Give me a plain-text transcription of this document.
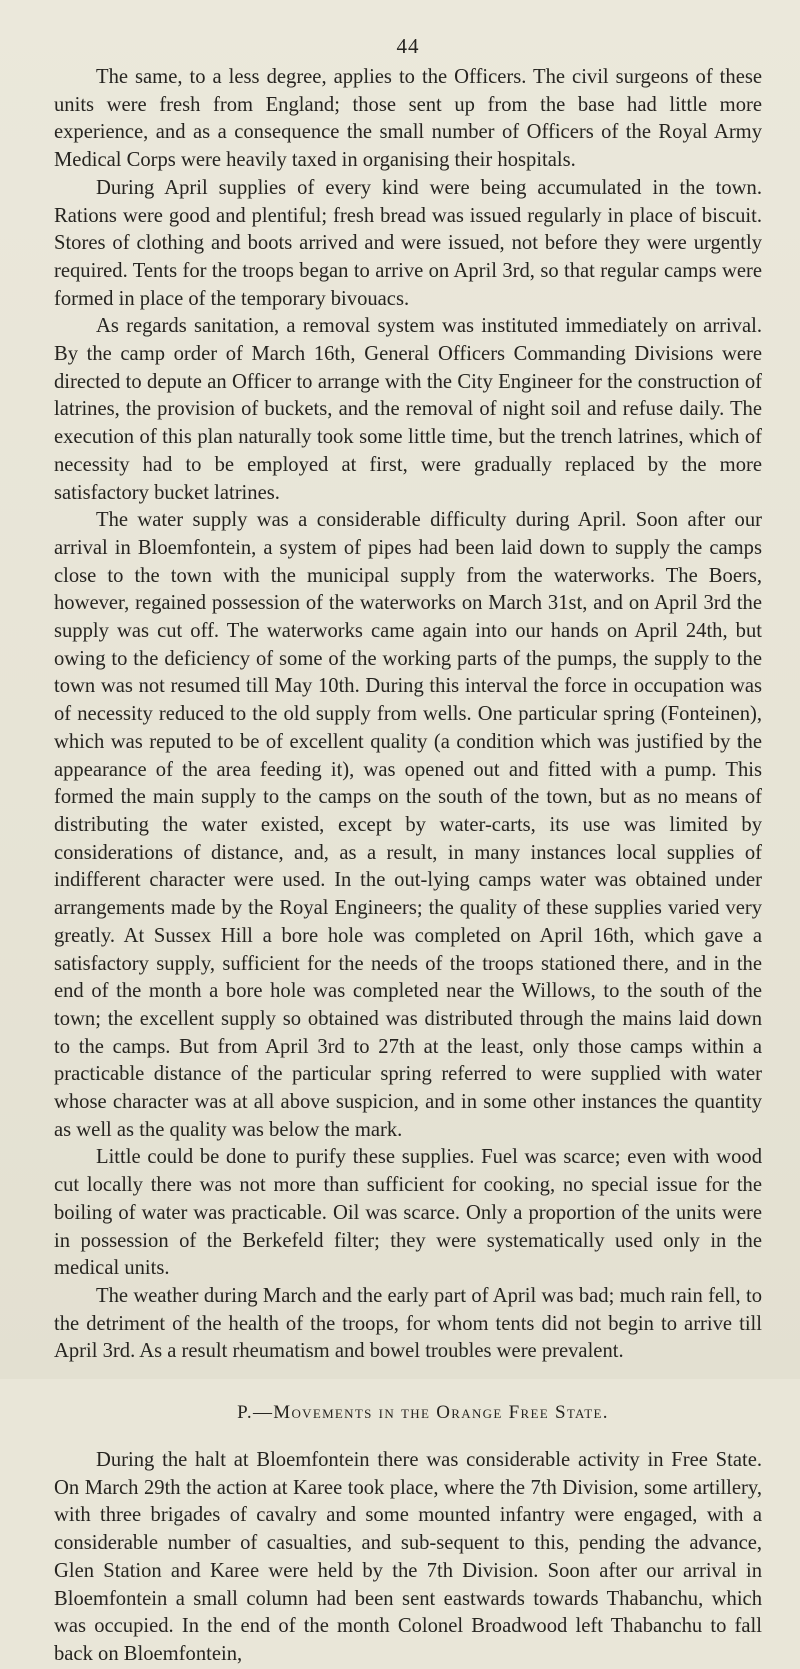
44

The same, to a less degree, applies to the Officers. The civil surgeons of these units were fresh from England; those sent up from the base had little more experience, and as a consequence the small number of Officers of the Royal Army Medical Corps were heavily taxed in organising their hospitals.

During April supplies of every kind were being accumulated in the town. Rations were good and plentiful; fresh bread was issued regularly in place of biscuit. Stores of clothing and boots arrived and were issued, not before they were urgently required. Tents for the troops began to arrive on April 3rd, so that regular camps were formed in place of the temporary bivouacs.

As regards sanitation, a removal system was instituted immediately on arrival. By the camp order of March 16th, General Officers Commanding Divisions were directed to depute an Officer to arrange with the City Engineer for the construction of latrines, the provision of buckets, and the removal of night soil and refuse daily. The execution of this plan naturally took some little time, but the trench latrines, which of necessity had to be employed at first, were gradually replaced by the more satisfactory bucket latrines.

The water supply was a considerable difficulty during April. Soon after our arrival in Bloemfontein, a system of pipes had been laid down to supply the camps close to the town with the municipal supply from the waterworks. The Boers, however, regained possession of the waterworks on March 31st, and on April 3rd the supply was cut off. The waterworks came again into our hands on April 24th, but owing to the deficiency of some of the working parts of the pumps, the supply to the town was not resumed till May 10th. During this interval the force in occupation was of necessity reduced to the old supply from wells. One particular spring (Fonteinen), which was reputed to be of excellent quality (a condition which was justified by the appearance of the area feeding it), was opened out and fitted with a pump. This formed the main supply to the camps on the south of the town, but as no means of distributing the water existed, except by water-carts, its use was limited by considerations of distance, and, as a result, in many instances local supplies of indifferent character were used. In the out-lying camps water was obtained under arrangements made by the Royal Engineers; the quality of these supplies varied very greatly. At Sussex Hill a bore hole was completed on April 16th, which gave a satisfactory supply, sufficient for the needs of the troops stationed there, and in the end of the month a bore hole was completed near the Willows, to the south of the town; the excellent supply so obtained was distributed through the mains laid down to the camps. But from April 3rd to 27th at the least, only those camps within a practicable distance of the particular spring referred to were supplied with water whose character was at all above suspicion, and in some other instances the quantity as well as the quality was below the mark.

Little could be done to purify these supplies. Fuel was scarce; even with wood cut locally there was not more than sufficient for cooking, no special issue for the boiling of water was practicable. Oil was scarce. Only a proportion of the units were in possession of the Berkefeld filter; they were systematically used only in the medical units.

The weather during March and the early part of April was bad; much rain fell, to the detriment of the health of the troops, for whom tents did not begin to arrive till April 3rd. As a result rheumatism and bowel troubles were prevalent.

P.—Movements in the Orange Free State.

During the halt at Bloemfontein there was considerable activity in Free State. On March 29th the action at Karee took place, where the 7th Division, some artillery, with three brigades of cavalry and some mounted infantry were engaged, with a considerable number of casualties, and sub-sequent to this, pending the advance, Glen Station and Karee were held by the 7th Division. Soon after our arrival in Bloemfontein a small column had been sent eastwards towards Thabanchu, which was occupied. In the end of the month Colonel Broadwood left Thabanchu to fall back on Bloemfontein,
